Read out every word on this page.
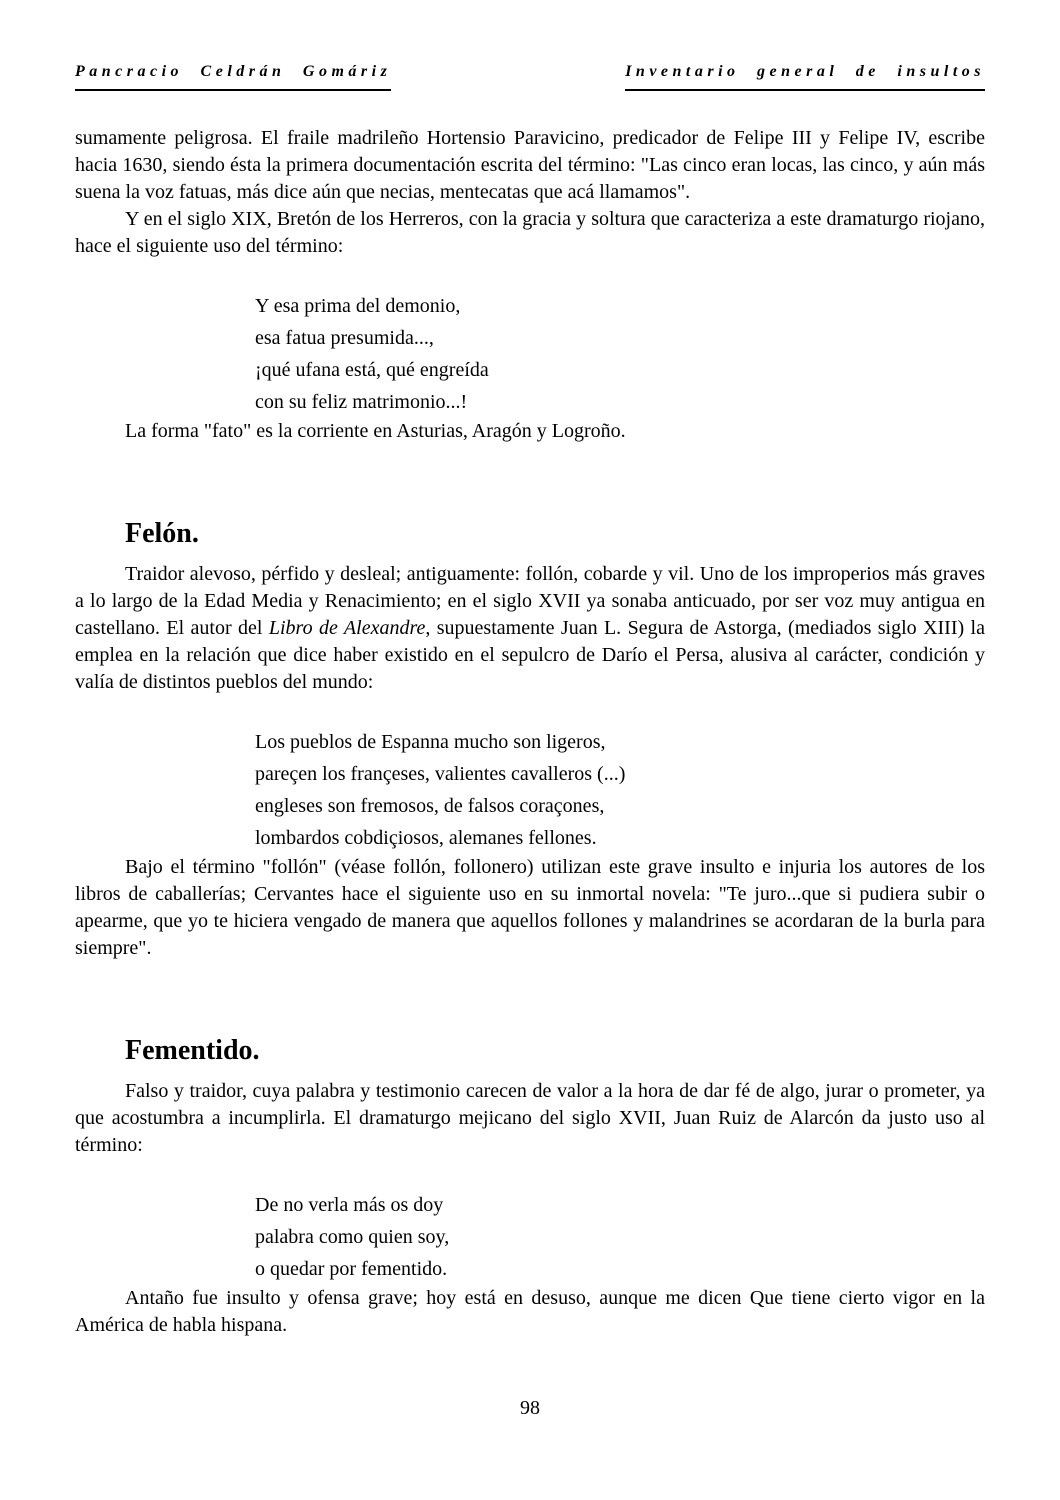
Pancracio Celdrán Gomáriz	Inventario general de insultos

sumamente peligrosa. El fraile madrileño Hortensio Paravicino, predicador de Felipe III y Felipe IV, escribe hacia 1630, siendo ésta la primera documentación escrita del término: "Las cinco eran locas, las cinco, y aún más suena la voz fatuas, más dice aún que necias, mentecatas que acá llamamos".

Y en el siglo XIX, Bretón de los Herreros, con la gracia y soltura que caracteriza a este dramaturgo riojano, hace el siguiente uso del término:

Y esa prima del demonio,
esa fatua presumida...,
¡qué ufana está, qué engreída
con su feliz matrimonio...!

La forma "fato" es la corriente en Asturias, Aragón y Logroño.

Felón.

Traidor alevoso, pérfido y desleal; antiguamente: follón, cobarde y vil. Uno de los improperios más graves a lo largo de la Edad Media y Renacimiento; en el siglo XVII ya sonaba anticuado, por ser voz muy antigua en castellano. El autor del Libro de Alexandre, supuestamente Juan L. Segura de Astorga, (mediados siglo XIII) la emplea en la relación que dice haber existido en el sepulcro de Darío el Persa, alusiva al carácter, condición y valía de distintos pueblos del mundo:

Los pueblos de Espanna mucho son ligeros,
pareçen los françeses, valientes cavalleros (...)
engleses son fremosos, de falsos coraçones,
lombardos cobdiçiosos, alemanes fellones.

Bajo el término "follón" (véase follón, follonero) utilizan este grave insulto e injuria los autores de los libros de caballerías; Cervantes hace el siguiente uso en su inmortal novela: "Te juro...que si pudiera subir o apearme, que yo te hiciera vengado de manera que aquellos follones y malandrines se acordaran de la burla para siempre".

Fementido.

Falso y traidor, cuya palabra y testimonio carecen de valor a la hora de dar fé de algo, jurar o prometer, ya que acostumbra a incumplirla. El dramaturgo mejicano del siglo XVII, Juan Ruiz de Alarcón da justo uso al término:

De no verla más os doy
palabra como quien soy,
o quedar por fementido.

Antaño fue insulto y ofensa grave; hoy está en desuso, aunque me dicen Que tiene cierto vigor en la América de habla hispana.

98
